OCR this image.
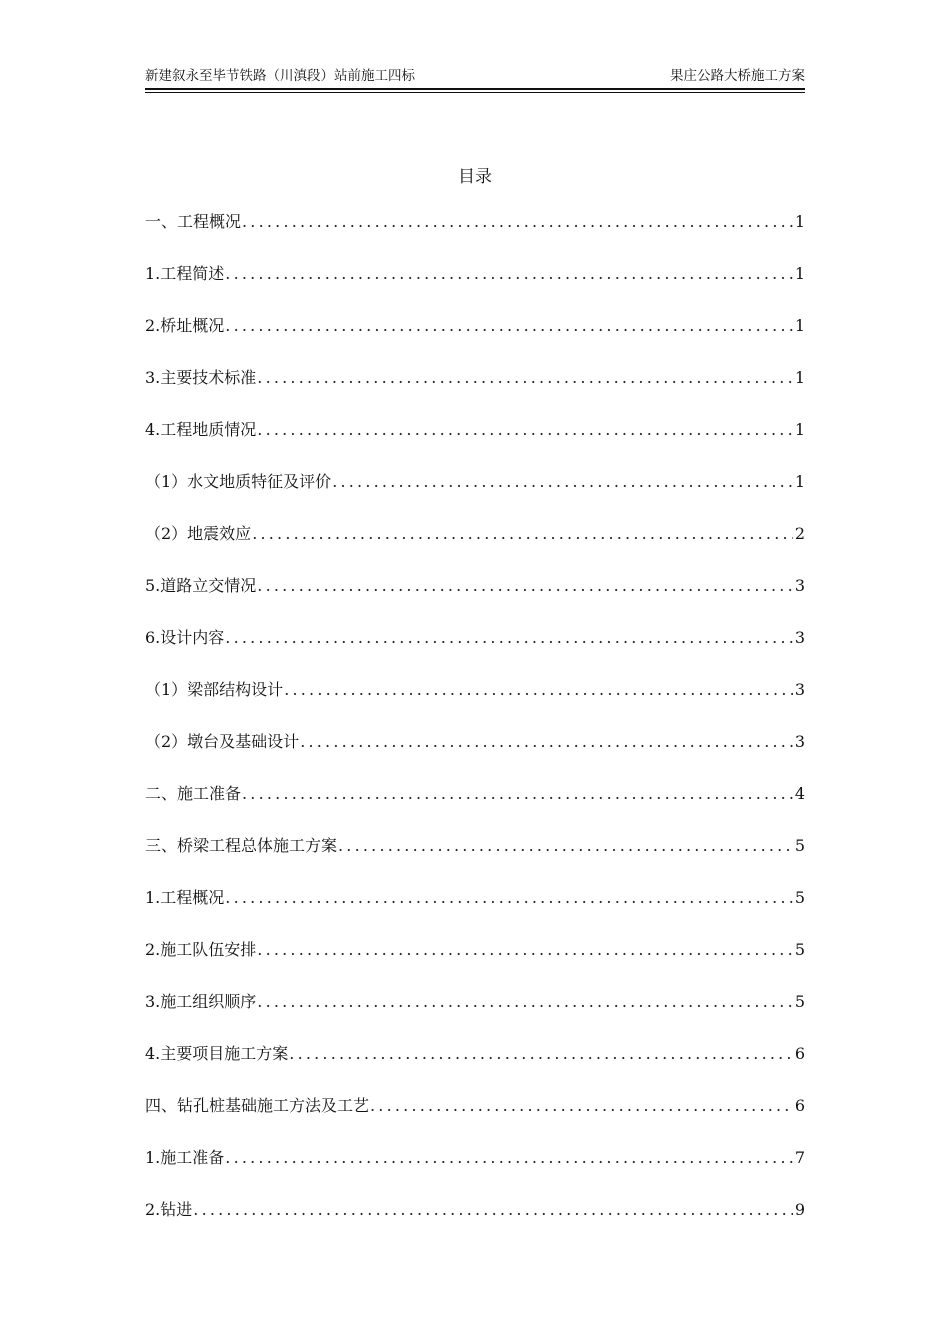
新建叙永至毕节铁路（川滇段）站前施工四标	果庄公路大桥施工方案
目录
一、工程概况 .....	1
1.工程简述 .....	1
2.桥址概况 .....	1
3.主要技术标准 .....	1
4.工程地质情况 .....	1
（1）水文地质特征及评价 .....	1
（2）地震效应 .....	2
5.道路立交情况 .....	3
6.设计内容 .....	3
（1）梁部结构设计 .....	3
（2）墩台及基础设计 .....	3
二、施工准备 .....	4
三、桥梁工程总体施工方案 .....	5
1.工程概况 .....	5
2.施工队伍安排 .....	5
3.施工组织顺序 .....	5
4.主要项目施工方案 .....	6
四、钻孔桩基础施工方法及工艺 .....	6
1.施工准备 .....	7
2.钻进 .....	9
